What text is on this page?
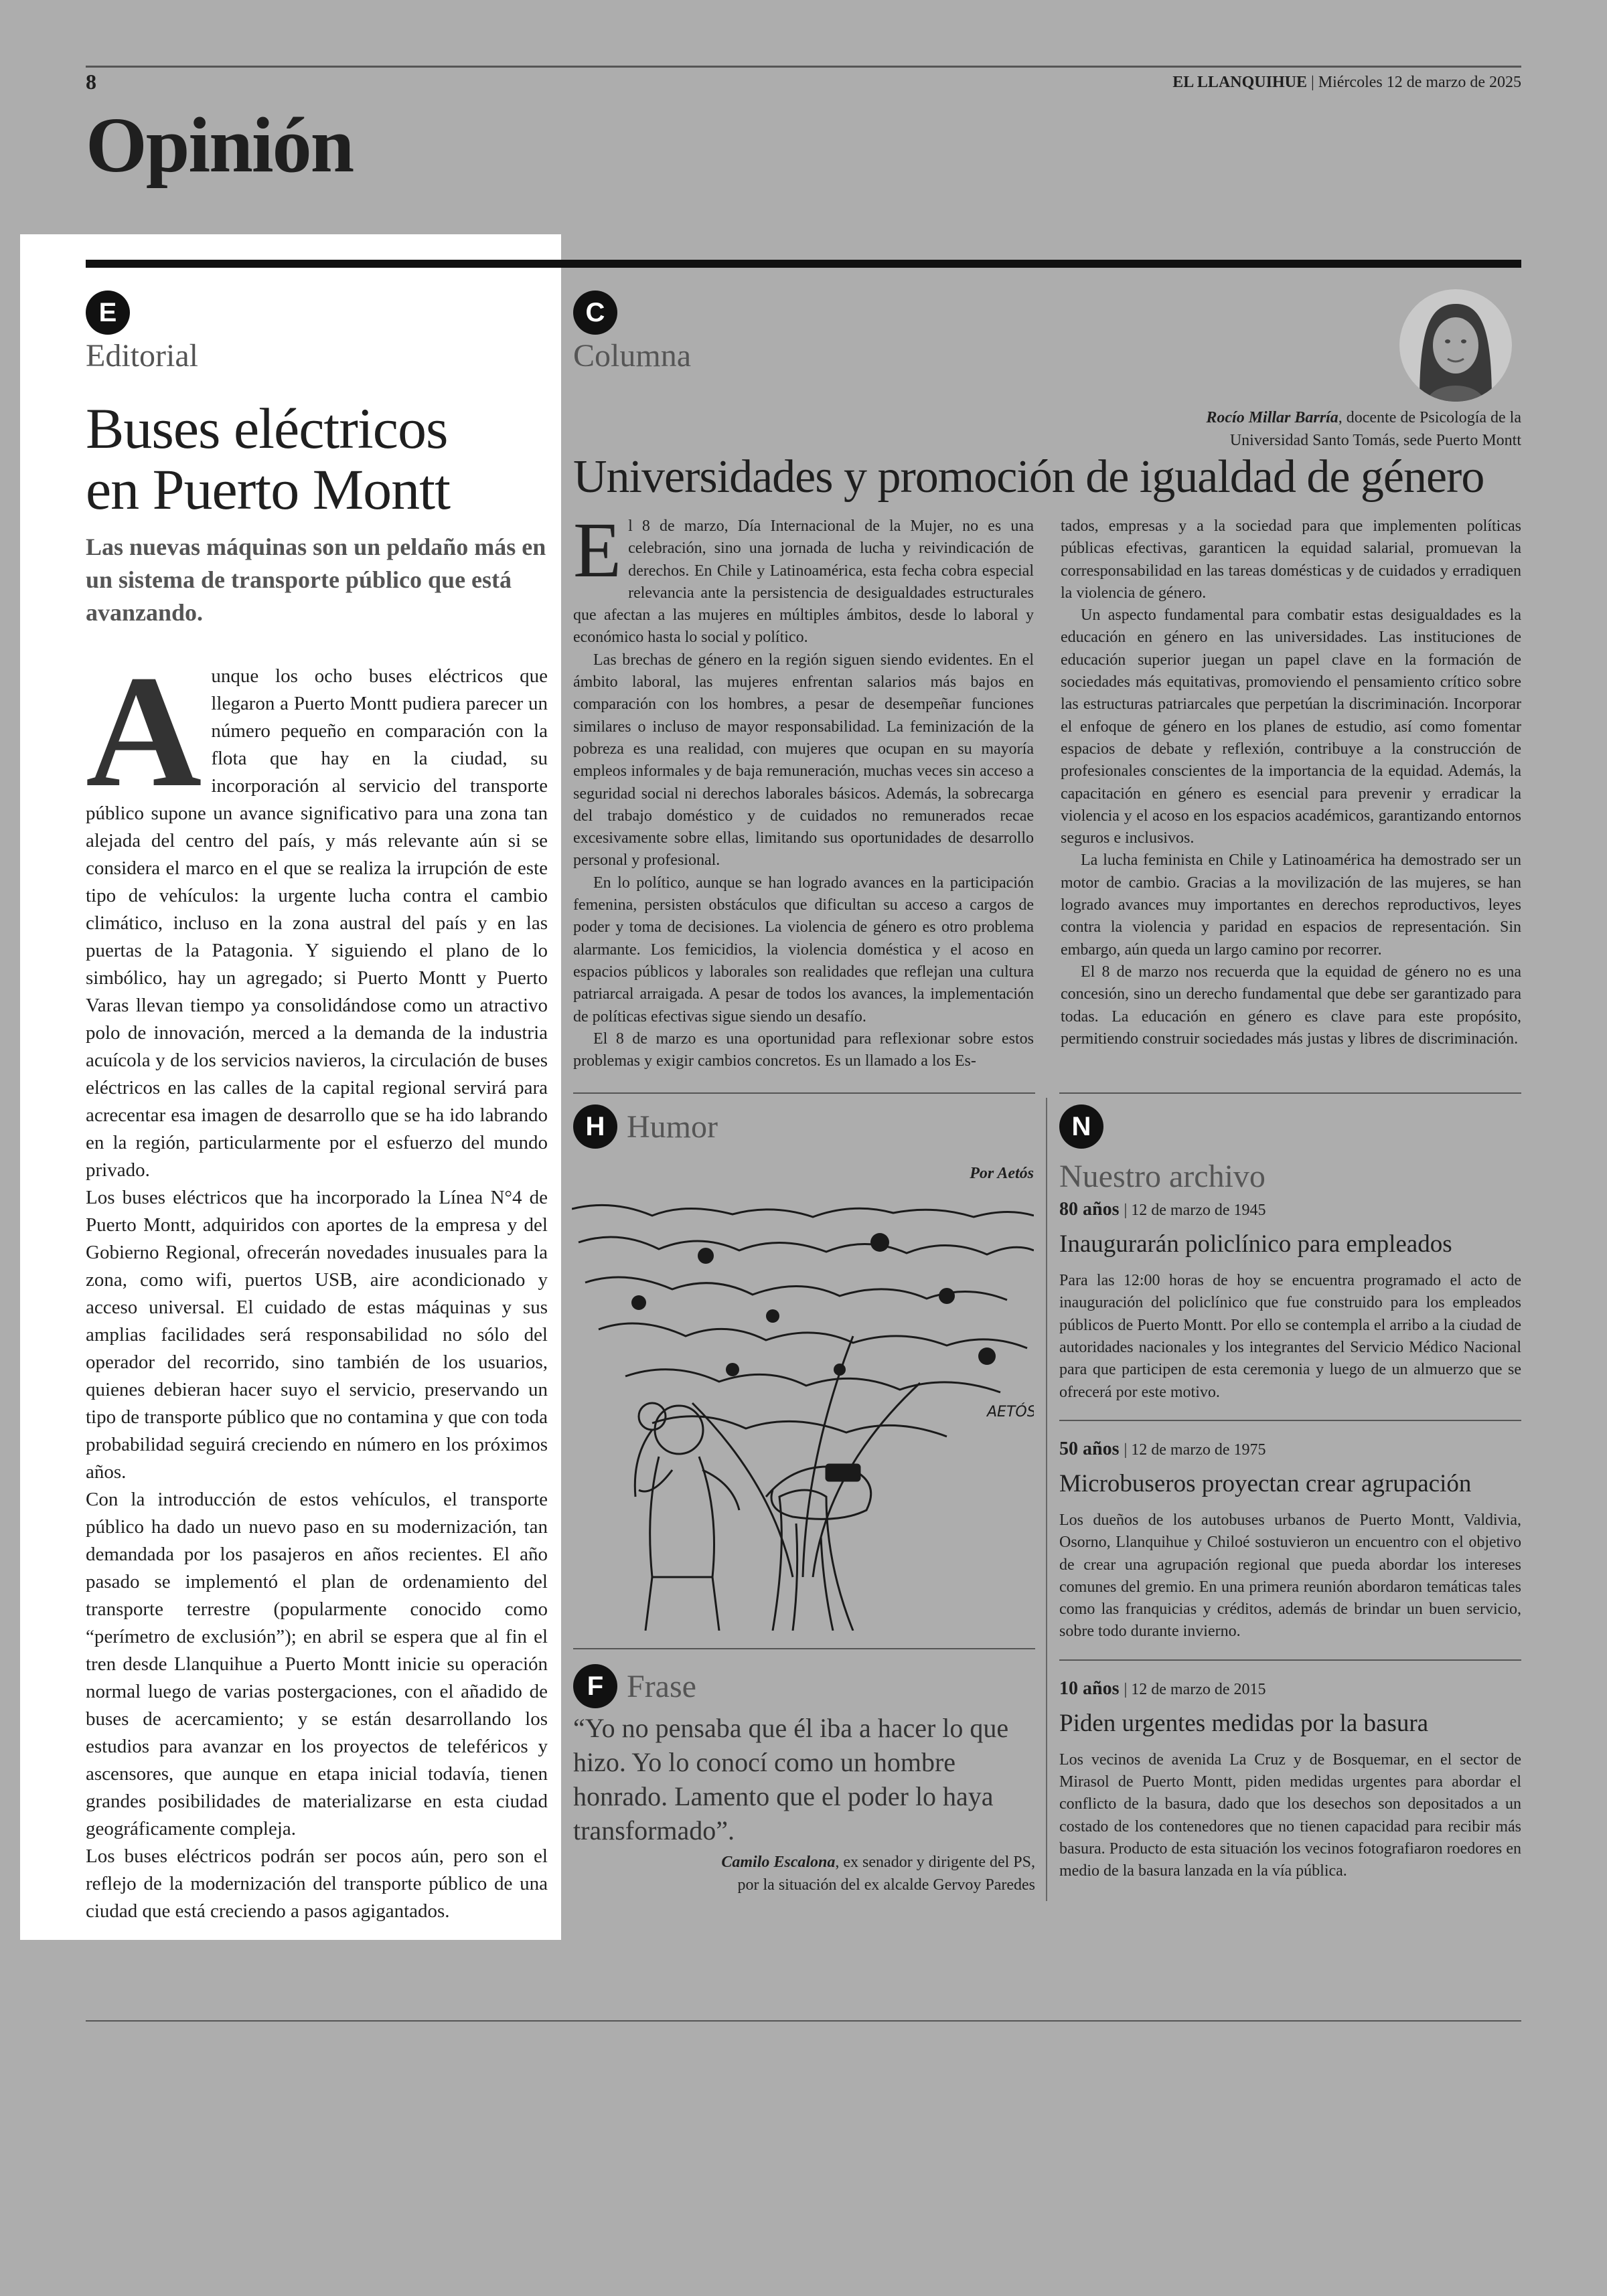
8	EL LLANQUIHUE | Miércoles 12 de marzo de 2025
Opinión
E
Editorial
Buses eléctricos
en Puerto Montt
Las nuevas máquinas son un peldaño más en un sistema de transporte público que está avanzando.

Aunque los ocho buses eléctricos que llegaron a Puerto Montt pudiera parecer un número pequeño en comparación con la flota que hay en la ciudad, su incorporación al servicio del transporte público supone un avance significativo para una zona tan alejada del centro del país, y más relevante aún si se considera el marco en el que se realiza la irrupción de este tipo de vehículos: la urgente lucha contra el cambio climático, incluso en la zona austral del país y en las puertas de la Patagonia. Y siguiendo el plano de lo simbólico, hay un agregado; si Puerto Montt y Puerto Varas llevan tiempo ya consolidándose como un atractivo polo de innovación, merced a la demanda de la industria acuícola y de los servicios navieros, la circulación de buses eléctricos en las calles de la capital regional servirá para acrecentar esa imagen de desarrollo que se ha ido labrando en la región, particularmente por el esfuerzo del mundo privado.

Los buses eléctricos que ha incorporado la Línea N°4 de Puerto Montt, adquiridos con aportes de la empresa y del Gobierno Regional, ofrecerán novedades inusuales para la zona, como wifi, puertos USB, aire acondicionado y acceso universal. El cuidado de estas máquinas y sus amplias facilidades será responsabilidad no sólo del operador del recorrido, sino también de los usuarios, quienes debieran hacer suyo el servicio, preservando un tipo de transporte público que no contamina y que con toda probabilidad seguirá creciendo en número en los próximos años.

Con la introducción de estos vehículos, el transporte público ha dado un nuevo paso en su modernización, tan demandada por los pasajeros en años recientes. El año pasado se implementó el plan de ordenamiento del transporte terrestre (popularmente conocido como “perímetro de exclusión”); en abril se espera que al fin el tren desde Llanquihue a Puerto Montt inicie su operación normal luego de varias postergaciones, con el añadido de buses de acercamiento; y se están desarrollando los estudios para avanzar en los proyectos de teleféricos y ascensores, que aunque en etapa inicial todavía, tienen grandes posibilidades de materializarse en esta ciudad geográficamente compleja.

Los buses eléctricos podrán ser pocos aún, pero son el reflejo de la modernización del transporte público de una ciudad que está creciendo a pasos agigantados.

C
Columna
Rocío Millar Barría, docente de Psicología de la
Universidad Santo Tomás, sede Puerto Montt
Universidades y promoción de igualdad de género

El 8 de marzo, Día Internacional de la Mujer, no es una celebración, sino una jornada de lucha y reivindicación de derechos. En Chile y Latinoamérica, esta fecha cobra especial relevancia ante la persistencia de desigualdades estructurales que afectan a las mujeres en múltiples ámbitos, desde lo laboral y económico hasta lo social y político.

Las brechas de género en la región siguen siendo evidentes. En el ámbito laboral, las mujeres enfrentan salarios más bajos en comparación con los hombres, a pesar de desempeñar funciones similares o incluso de mayor responsabilidad. La feminización de la pobreza es una realidad, con mujeres que ocupan en su mayoría empleos informales y de baja remuneración, muchas veces sin acceso a seguridad social ni derechos laborales básicos. Además, la sobrecarga del trabajo doméstico y de cuidados no remunerados recae excesivamente sobre ellas, limitando sus oportunidades de desarrollo personal y profesional.

En lo político, aunque se han logrado avances en la participación femenina, persisten obstáculos que dificultan su acceso a cargos de poder y toma de decisiones. La violencia de género es otro problema alarmante. Los femicidios, la violencia doméstica y el acoso en espacios públicos y laborales son realidades que reflejan una cultura patriarcal arraigada. A pesar de todos los avances, la implementación de políticas efectivas sigue siendo un desafío.

El 8 de marzo es una oportunidad para reflexionar sobre estos problemas y exigir cambios concretos. Es un llamado a los Es-

tados, empresas y a la sociedad para que implementen políticas públicas efectivas, garanticen la equidad salarial, promuevan la corresponsabilidad en las tareas domésticas y de cuidados y erradiquen la violencia de género.

Un aspecto fundamental para combatir estas desigualdades es la educación en género en las universidades. Las instituciones de educación superior juegan un papel clave en la formación de sociedades más equitativas, promoviendo el pensamiento crítico sobre las estructuras patriarcales que perpetúan la discriminación. Incorporar el enfoque de género en los planes de estudio, así como fomentar espacios de debate y reflexión, contribuye a la construcción de profesionales conscientes de la importancia de la equidad. Además, la capacitación en género es esencial para prevenir y erradicar la violencia y el acoso en los espacios académicos, garantizando entornos seguros e inclusivos.

La lucha feminista en Chile y Latinoamérica ha demostrado ser un motor de cambio. Gracias a la movilización de las mujeres, se han logrado avances muy importantes en derechos reproductivos, leyes contra la violencia y paridad en espacios de representación. Sin embargo, aún queda un largo camino por recorrer.

El 8 de marzo nos recuerda que la equidad de género no es una concesión, sino un derecho fundamental que debe ser garantizado para todas. La educación en género es clave para este propósito, permitiendo construir sociedades más justas y libres de discriminación.

H Humor
Por Aetós
AETÓS
F Frase
“Yo no pensaba que él iba a hacer lo que hizo. Yo lo conocí como un hombre honrado. Lamento que el poder lo haya transformado”.
Camilo Escalona, ex senador y dirigente del PS,
por la situación del ex alcalde Gervoy Paredes
N
Nuestro archivo
80 años | 12 de marzo de 1945
Inaugurarán policlínico para empleados
Para las 12:00 horas de hoy se encuentra programado el acto de inauguración del policlínico que fue construido para los empleados públicos de Puerto Montt. Por ello se contempla el arribo a la ciudad de autoridades nacionales y los integrantes del Servicio Médico Nacional para que participen de esta ceremonia y luego de un almuerzo que se ofrecerá por este motivo.
50 años | 12 de marzo de 1975
Microbuseros proyectan crear agrupación
Los dueños de los autobuses urbanos de Puerto Montt, Valdivia, Osorno, Llanquihue y Chiloé sostuvieron un encuentro con el objetivo de crear una agrupación regional que pueda abordar los intereses comunes del gremio. En una primera reunión abordaron temáticas tales como las franquicias y créditos, además de brindar un buen servicio, sobre todo durante invierno.
10 años | 12 de marzo de 2015
Piden urgentes medidas por la basura
Los vecinos de avenida La Cruz y de Bosquemar, en el sector de Mirasol de Puerto Montt, piden medidas urgentes para abordar el conflicto de la basura, dado que los desechos son depositados a un costado de los contenedores que no tienen capacidad para recibir más basura. Producto de esta situación los vecinos fotografiaron roedores en medio de la basura lanzada en la vía pública.
